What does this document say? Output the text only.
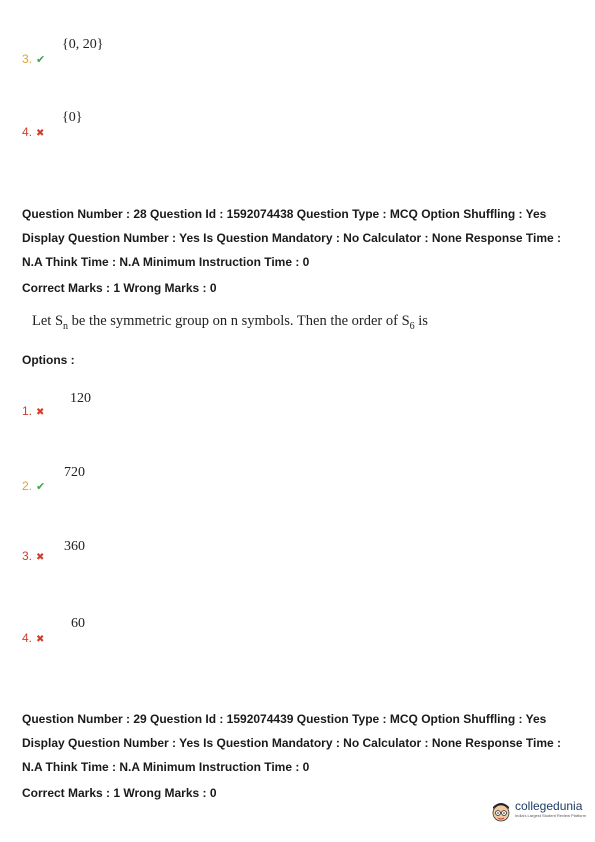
{0, 20}
3. ✔
{0}
4. ✖
Question Number : 28 Question Id : 1592074438 Question Type : MCQ Option Shuffling : Yes Display Question Number : Yes Is Question Mandatory : No Calculator : None Response Time : N.A Think Time : N.A Minimum Instruction Time : 0
Correct Marks : 1 Wrong Marks : 0
Let $S_n$ be the symmetric group on n symbols. Then the order of $S_6$ is
Options :
120
1. ✖
720
2. ✔
360
3. ✖
60
4. ✖
Question Number : 29 Question Id : 1592074439 Question Type : MCQ Option Shuffling : Yes Display Question Number : Yes Is Question Mandatory : No Calculator : None Response Time : N.A Think Time : N.A Minimum Instruction Time : 0
Correct Marks : 1 Wrong Marks : 0
collegedunia
India's Largest Student Review Platform
